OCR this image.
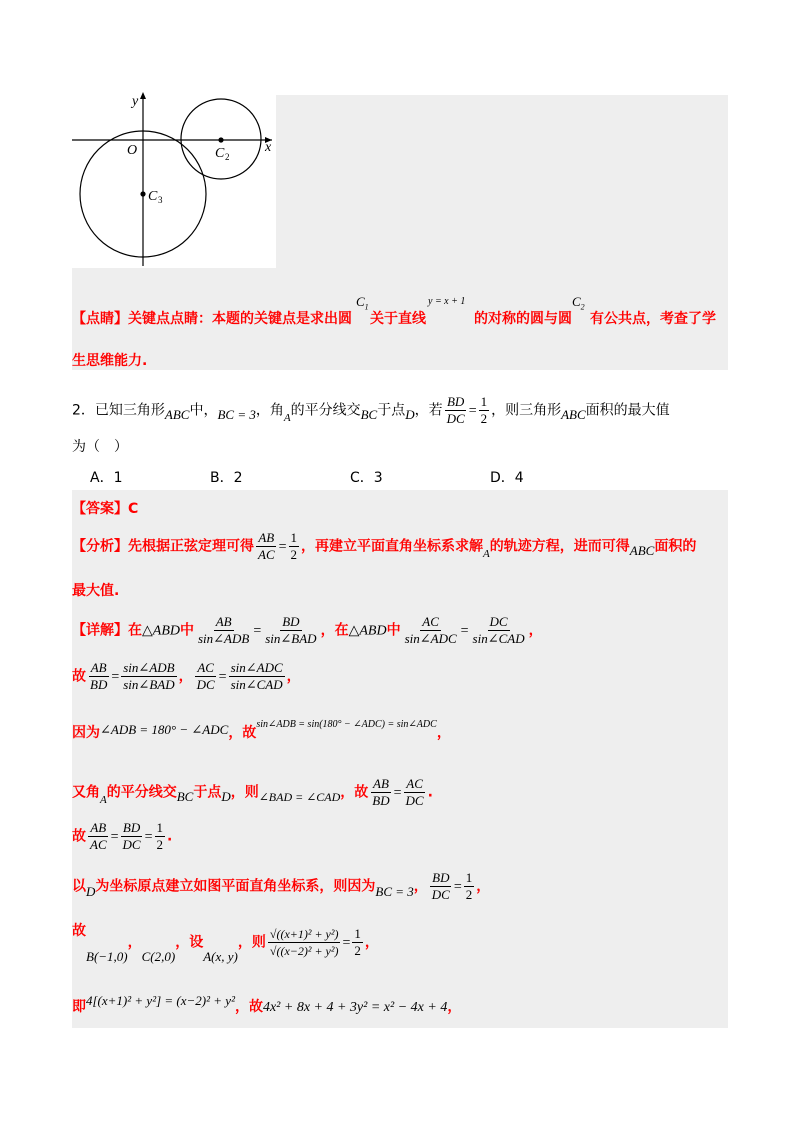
y
x
O	C 2
C 3
【点睛】关键点点睛：本题的关键点是求出圆
$C_1$
关于直线
y = x + 1
的对称的圆与圆
$C_2$
有公共点，考查了学
生思维能力.
2．已知三角形ABC中，BC = 3，角$_A$的平分线交BC于点D，若 $\frac{BD}{DC} = \frac{1}{2}$ ，则三角形ABC面积的最大值
为（　）
A．1	B．2	C．3	D．4
【答案】C
【分析】先根据正弦定理可得 $\frac{AB}{AC} = \frac{1}{2}$ ，再建立平面直角坐标系求解$_A$的轨迹方程，进而可得ABC面积的
最大值.
【详解】在△ABD中 $\frac{AB}{\text{sin∠ADB}} = \frac{BD}{\text{sin∠BAD}}$ ，在△ABD中 $\frac{AC}{\text{sin∠ADC}} = \frac{DC}{\text{sin∠CAD}}$ ，
故 $\frac{AB}{BD} = \frac{\text{sin∠ADB}}{\text{sin∠BAD}}$ ， $\frac{AC}{DC} = \frac{\text{sin∠ADC}}{\text{sin∠CAD}}$ ，
因为∠ADB = 180° − ∠ADC，故$^{sin\angle ADB = sin(180^\circ - \angle ADC) = sin\angle ADC}$，
又角$_A$的平分线交BC于点D，则∠BAD = ∠CAD，故 $\frac{AB}{BD} = \frac{AC}{DC}$ .
故 $\frac{AB}{AC} = \frac{BD}{DC} = \frac{1}{2}$ .
以D为坐标原点建立如图平面直角坐标系，则因为BC = 3， $\frac{BD}{DC} = \frac{1}{2}$ ，
故
B(−1,0)，C(2,0)，设A(x, y)，则 $\frac{\text{√((x+1)² + y²)}}{\text{√((x−2)² + y²)}} = \frac{1}{2}$ ，
即4[(x+1)² + y²] = (x−2)² + y²，故4x² + 8x + 4 + 3y² = x² − 4x + 4，
